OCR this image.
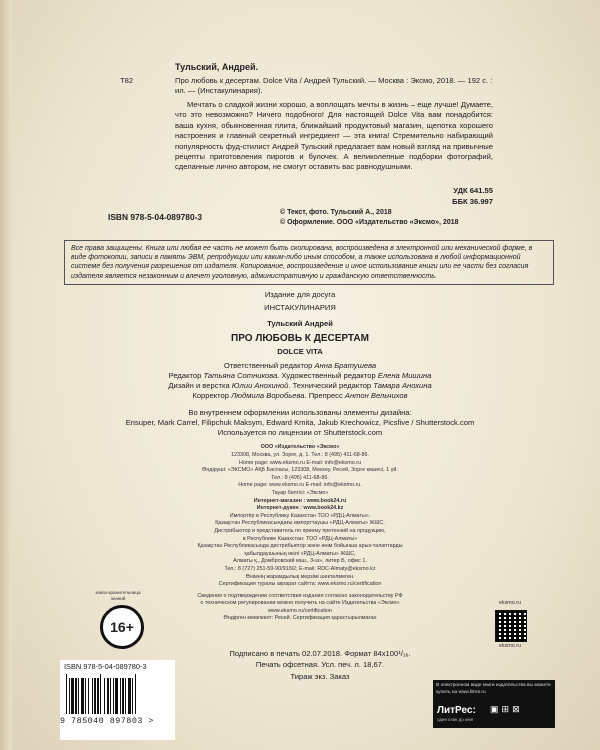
Тульский, Андрей.
Т82	Про любовь к десертам. Dolce Vita / Андрей Тульский. — Москва : Эксмо, 2018. — 192 с. : ил. — (Инстакулинария).
Мечтать о сладкой жизни хорошо, а воплощать мечты в жизнь – еще лучше! Думаете, что это невозможно? Ничего подобного! Для настоящей Dolce Vita вам понадобится: ваша кухня, обыкновенная плита, ближайший продуктовый магазин, щепотка хорошего настроения и главный секретный ингредиент — эта книга! Стремительно набирающий популярность фуд-стилист Андрей Тульский предлагает вам новый взгляд на привычные рецепты приготовления пирогов и булочек. А великолепные подборки фотографий, сделанные лично автором, не смогут оставить вас равнодушными.
УДК 641.55
ББК 36.997
ISBN 978-5-04-089780-3	© Текст, фото. Тульский А., 2018
© Оформление. ООО «Издательство «Эксмо», 2018
Все права защищены. Книга или любая ее часть не может быть скопирована, воспроизведена в электронной или механической форме, в виде фотокопии, записи в память ЭВМ, репродукции или каким-либо иным способом, а также использована в любой информационной системе без получения разрешения от издателя. Копирование, воспроизведение и иное использование книги или ее части без согласия издателя является незаконным и влечет уголовную, административную и гражданскую ответственность.
Издание для досуга
ИНСТАКУЛИНАРИЯ
Тульский Андрей
ПРО ЛЮБОВЬ К ДЕСЕРТАМ
DOLCE VITA
Ответственный редактор Анна Братушева
Редактор Татьяна Сотникова. Художественный редактор Елена Мишина
Дизайн и верстка Юлии Анохиной. Технический редактор Тамара Анохина
Корректор Людмила Воробьева. Препресс Антон Вельчихов
Во внутреннем оформлении использованы элементы дизайна:
Ensuper, Mark Carrel, Filipchuk Maksym, Edward Kmita, Jakub Krechowicz, Picsfive / Shutterstock.com
Используется по лицензии от Shutterstock.com
ООО «Издательство «Эксмо»
123308, Москва, ул. Зорге, д. 1. Тел.: 8 (495) 411-68-86.
Home page: www.eksmo.ru E-mail: info@eksmo.ru
Өндіруші: «ЭКСМО» АҚБ Баспасы, 123308, Мәскеу, Ресей, Зорге көшесі, 1 үй.
Тел.: 8 (495) 411-68-86.
Home page: www.eksmo.ru E-mail: info@eksmo.ru.
Тауар белгісі: «Эксмо»
Интернет-магазин : www.book24.ru
Интернет-дүкен : www.book24.kz
Импортёр в Республику Казахстан ТОО «РДЦ-Алматы».
Қазақстан Республикасындағы импорттаушы «РДЦ-Алматы» ЖШС.
Дистрибьютор и представитель по приему претензий на продукцию,
в Республике Казахстан: ТОО «РДЦ-Алматы»
Қазақстан Республикасында дистрибьютор және өнім бойынша арыз-талаптарды
қабылдаушының өкілі «РДЦ-Алматы» ЖШС,
Алматы қ., Домбровский көш., 3«а», литер Б, офис 1.
Тел.: 8 (727) 251-59-90/91/92; E-mail: RDC-Almaty@eksmo.kz
Өнімнің жарамдылық мерзімі шектелмеген.
Сертификация туралы ақпарат сайтта: www.eksmo.ru/certification
Сведения о подтверждении соответствия издания согласно законодательству РФ
о техническом регулировании можно получить на сайте Издательства «Эксмо»
www.eksmo.ru/certification
Өндірген мемлекет: Ресей. Сертификация қарастырылмаған
книга-хранительница знаний
16+
eksmo.ru
eksmo.ru
Подписано в печать 02.07.2018. Формат 84x100¹/₁₆.
Печать офсетная. Усл. печ. л. 18,67.
Тираж экз. Заказ
ISBN 978-5-04-089780-3
9 785040 897803 >
В электронном виде книги издательства вы можете
купить на www.litres.ru
ЛитРес:
один клик до книг
▣⊞⊠
